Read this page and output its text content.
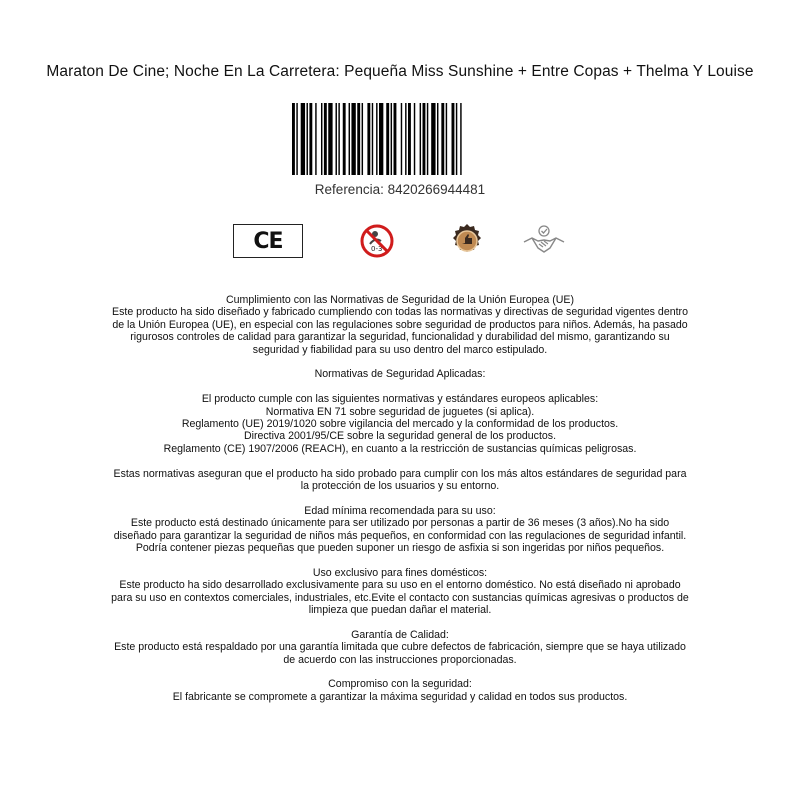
Maraton De Cine; Noche En La Carretera: Pequeña Miss Sunshine + Entre Copas + Thelma Y Louise
Referencia: 8420266944481
CE	0-3

Cumplimiento con las Normativas de Seguridad de la Unión Europea (UE)

Este producto ha sido diseñado y fabricado cumpliendo con todas las normativas y directivas de seguridad vigentes dentro de la Unión Europea (UE), en especial con las regulaciones sobre seguridad de productos para niños. Además, ha pasado rigurosos controles de calidad para garantizar la seguridad, funcionalidad y durabilidad del mismo, garantizando su seguridad y fiabilidad para su uso dentro del marco estipulado.

Normativas de Seguridad Aplicadas:

El producto cumple con las siguientes normativas y estándares europeos aplicables:

Normativa EN 71 sobre seguridad de juguetes (si aplica).

Reglamento (UE) 2019/1020 sobre vigilancia del mercado y la conformidad de los productos.

Directiva 2001/95/CE sobre la seguridad general de los productos.

Reglamento (CE) 1907/2006 (REACH), en cuanto a la restricción de sustancias químicas peligrosas.

Estas normativas aseguran que el producto ha sido probado para cumplir con los más altos estándares de seguridad para la protección de los usuarios y su entorno.

Edad mínima recomendada para su uso:

Este producto está destinado únicamente para ser utilizado por personas a partir de 36 meses (3 años).No ha sido diseñado para garantizar la seguridad de niños más pequeños, en conformidad con las regulaciones de seguridad infantil. Podría contener piezas pequeñas que pueden suponer un riesgo de asfixia si son ingeridas por niños pequeños.

Uso exclusivo para fines domésticos:

Este producto ha sido desarrollado exclusivamente para su uso en el entorno doméstico. No está diseñado ni aprobado para su uso en contextos comerciales, industriales, etc.Evite el contacto con sustancias químicas agresivas o productos de limpieza que puedan dañar el material.

Garantía de Calidad:

Este producto está respaldado por una garantía limitada que cubre defectos de fabricación, siempre que se haya utilizado de acuerdo con las instrucciones proporcionadas.

Compromiso con la seguridad:

El fabricante se compromete a garantizar la máxima seguridad y calidad en todos sus productos.
